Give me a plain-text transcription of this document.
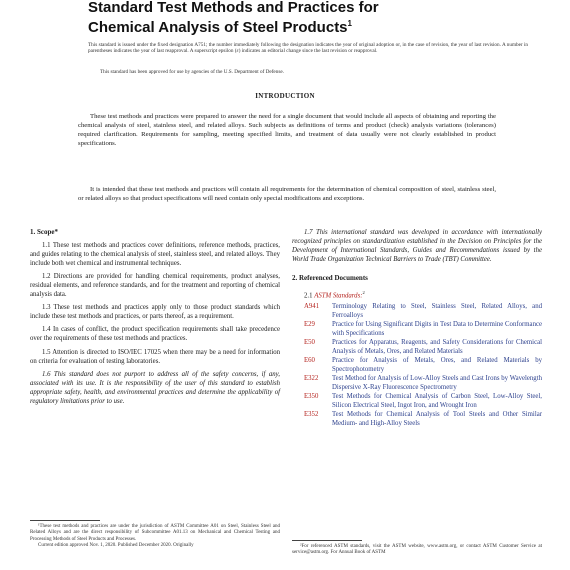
Standard Test Methods and Practices for
Chemical Analysis of Steel Products$^1$
This standard is issued under the fixed designation A751; the number immediately following the designation indicates the year of original adoption or, in the case of revision, the year of last revision. A number in parentheses indicates the year of last reapproval. A superscript epsilon (ε) indicates an editorial change since the last revision or reapproval.
This standard has been approved for use by agencies of the U.S. Department of Defense.
INTRODUCTION
These test methods and practices were prepared to answer the need for a single document that would include all aspects of obtaining and reporting the chemical analysis of steel, stainless steel, and related alloys. Such subjects as definitions of terms and product (check) analysis variations (tolerances) required clarification. Requirements for sampling, meeting specified limits, and treatment of data usually were not clearly established in product specifications.
It is intended that these test methods and practices will contain all requirements for the determination of chemical composition of steel, stainless steel, or related alloys so that product specifications will need contain only special modifications and exceptions.
1. Scope*

1.1 These test methods and practices cover definitions, reference methods, practices, and guides relating to the chemical analysis of steel, stainless steel, and related alloys. They include both wet chemical and instrumental techniques.

1.2 Directions are provided for handling chemical requirements, product analyses, residual elements, and reference standards, and for the treatment and reporting of chemical analysis data.

1.3 These test methods and practices apply only to those product standards which include these test methods and practices, or parts thereof, as a requirement.

1.4 In cases of conflict, the product specification requirements shall take precedence over the requirements of these test methods and practices.

1.5 Attention is directed to ISO/IEC 17025 when there may be a need for information on criteria for evaluation of testing laboratories.

1.6 This standard does not purport to address all of the safety concerns, if any, associated with its use. It is the responsibility of the user of this standard to establish appropriate safety, health, and environmental practices and determine the applicability of regulatory limitations prior to use.

¹These test methods and practices are under the jurisdiction of ASTM Committee A01 on Steel, Stainless Steel and Related Alloys and are the direct responsibility of Subcommittee A01.13 on Mechanical and Chemical Testing and Processing Methods of Steel Products and Processes.

Current edition approved Nov. 1, 2020. Published December 2020. Originally

1.7 This international standard was developed in accordance with internationally recognized principles on standardization established in the Decision on Principles for the Development of International Standards, Guides and Recommendations issued by the World Trade Organization Technical Barriers to Trade (TBT) Committee.

2. Referenced Documents
2.1 ASTM Standards:$^2$

A941 Terminology Relating to Steel, Stainless Steel, Related Alloys, and Ferroalloys

E29	Practice for Using Significant Digits in Test Data to Determine Conformance with Specifications

E50	Practices for Apparatus, Reagents, and Safety Considerations for Chemical Analysis of Metals, Ores, and Related Materials

E60	Practice for Analysis of Metals, Ores, and Related Materials by Spectrophotometry

E322 Test Method for Analysis of Low-Alloy Steels and Cast Irons by Wavelength Dispersive X-Ray Fluorescence Spectrometry

E350 Test Methods for Chemical Analysis of Carbon Steel, Low-Alloy Steel, Silicon Electrical Steel, Ingot Iron, and Wrought Iron

E352 Test Methods for Chemical Analysis of Tool Steels and Other Similar Medium- and High-Alloy Steels

²For referenced ASTM standards, visit the ASTM website, www.astm.org, or contact ASTM Customer Service at service@astm.org. For Annual Book of ASTM
